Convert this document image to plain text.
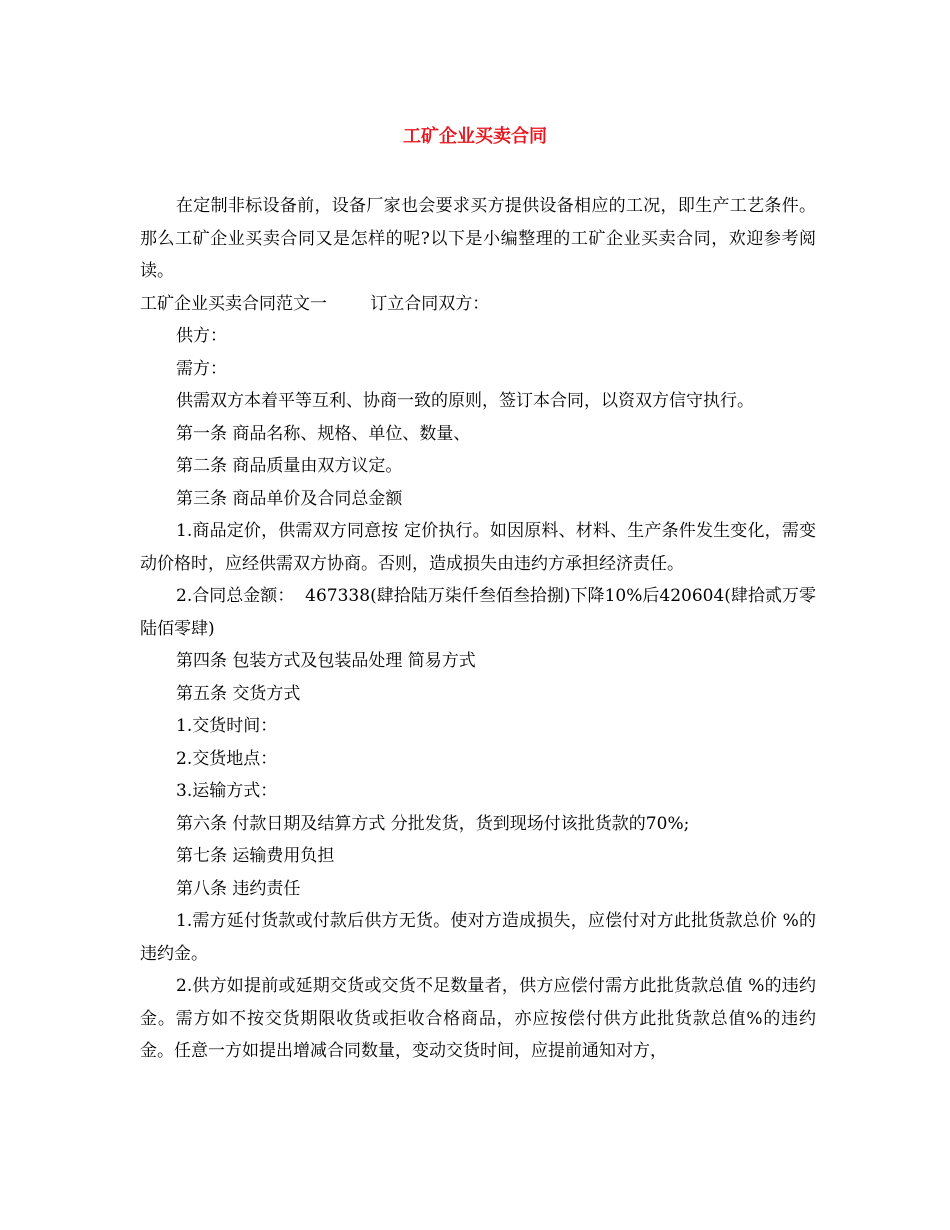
工矿企业买卖合同

在定制非标设备前，设备厂家也会要求买方提供设备相应的工况，即生产工艺条件。那么工矿企业买卖合同又是怎样的呢?以下是小编整理的工矿企业买卖合同，欢迎参考阅读。

工矿企业买卖合同范文一        订立合同双方：

供方：

需方：

供需双方本着平等互利、协商一致的原则，签订本合同，以资双方信守执行。

第一条 商品名称、规格、单位、数量、

第二条 商品质量由双方议定。

第三条 商品单价及合同总金额

1.商品定价，供需双方同意按 定价执行。如因原料、材料、生产条件发生变化，需变动价格时，应经供需双方协商。否则，造成损失由违约方承担经济责任。

2.合同总金额：  467338(肆拾陆万柒仟叁佰叁拾捌)下降10%后420604(肆拾贰万零陆佰零肆)

第四条 包装方式及包装品处理 简易方式

第五条 交货方式

1.交货时间：

2.交货地点：

3.运输方式：

第六条 付款日期及结算方式 分批发货，货到现场付该批货款的70%;

第七条 运输费用负担

第八条 违约责任

1.需方延付货款或付款后供方无货。使对方造成损失，应偿付对方此批货款总价 %的违约金。

2.供方如提前或延期交货或交货不足数量者，供方应偿付需方此批货款总值 %的违约金。需方如不按交货期限收货或拒收合格商品，亦应按偿付供方此批货款总值%的违约金。任意一方如提出增减合同数量，变动交货时间，应提前通知对方，
